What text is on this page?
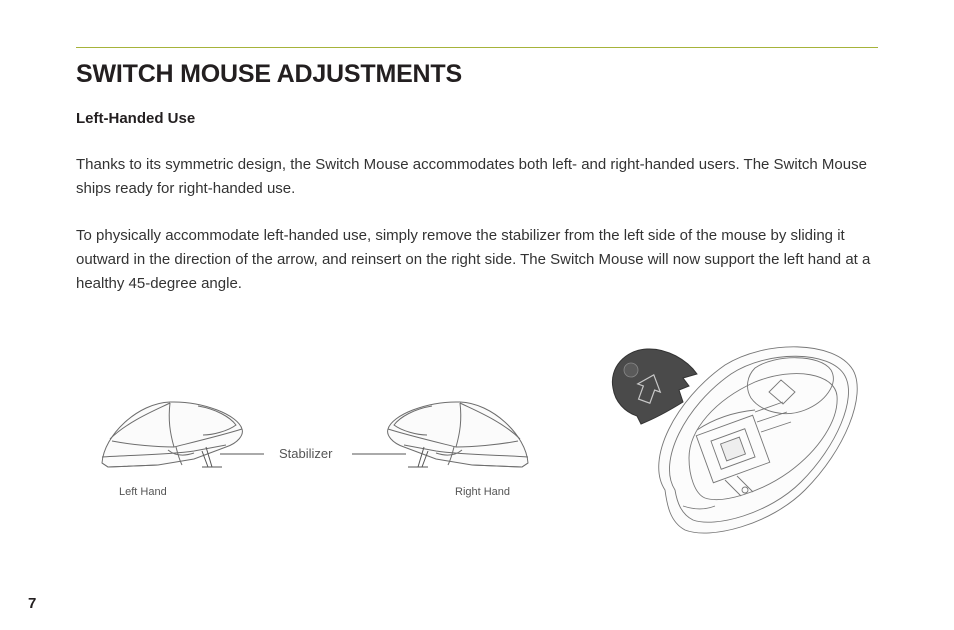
SWITCH MOUSE ADJUSTMENTS
Left-Handed Use

Thanks to its symmetric design, the Switch Mouse accommodates both left- and right-handed users. The Switch Mouse ships ready for right-handed use.

To physically accommodate left-handed use, simply remove the stabilizer from the left side of the mouse by sliding it outward in the direction of the arrow, and reinsert on the right side. The Switch Mouse will now support the left hand at a healthy 45-degree angle.

Stabilizer
Left Hand	Right Hand
7
